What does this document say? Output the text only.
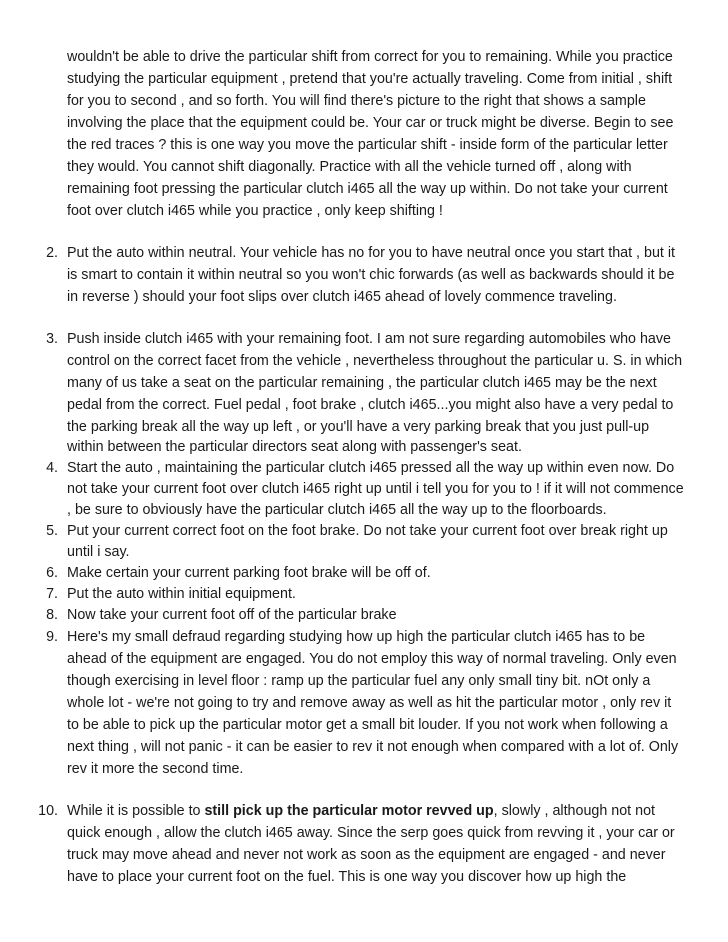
wouldn't be able to drive the particular shift from correct for you to remaining. While you practice
studying the particular equipment , pretend that you're actually traveling. Come from initial , shift
for you to second , and so forth. You will find there's picture to the right that shows a sample
involving the place that the equipment could be. Your car or truck might be diverse. Begin to see
the red traces ? this is one way you move the particular shift - inside form of the particular letter
they would. You cannot shift diagonally. Practice with all the vehicle turned off , along with
remaining foot pressing the particular clutch i465 all the way up within. Do not take your current
foot over clutch i465 while you practice , only keep shifting !
2. Put the auto within neutral. Your vehicle has no for you to have neutral once you start that , but it
is smart to contain it within neutral so you won't chic forwards (as well as backwards should it be
in reverse ) should your foot slips over clutch i465 ahead of lovely commence traveling.
3. Push inside clutch i465 with your remaining foot. I am not sure regarding automobiles who have
control on the correct facet from the vehicle , nevertheless throughout the particular u. S. in which
many of us take a seat on the particular remaining , the particular clutch i465 may be the next
pedal from the correct. Fuel pedal , foot brake , clutch i465...you might also have a very pedal to
the parking break all the way up left , or you'll have a very parking break that you just pull-up
within between the particular directors seat along with passenger's seat.
4. Start the auto , maintaining the particular clutch i465 pressed all the way up within even now. Do
not take your current foot over clutch i465 right up until i tell you for you to ! if it will not commence
, be sure to obviously have the particular clutch i465 all the way up to the floorboards.
5. Put your current correct foot on the foot brake. Do not take your current foot over break right up
until i say.
6. Make certain your current parking foot brake will be off of.
7. Put the auto within initial equipment.
8. Now take your current foot off of the particular brake
9. Here's my small defraud regarding studying how up high the particular clutch i465 has to be
ahead of the equipment are engaged. You do not employ this way of normal traveling. Only even
though exercising in level floor : ramp up the particular fuel any only small tiny bit. nOt only a
whole lot - we're not going to try and remove away as well as hit the particular motor , only rev it
to be able to pick up the particular motor get a small bit louder. If you not work when following a
next thing , will not panic - it can be easier to rev it not enough when compared with a lot of. Only
rev it more the second time.
10. While it is possible to still pick up the particular motor revved up, slowly , although not not
quick enough , allow the clutch i465 away. Since the serp goes quick from revving it , your car or
truck may move ahead and never not work as soon as the equipment are engaged - and never
have to place your current foot on the fuel. This is one way you discover how up high the
